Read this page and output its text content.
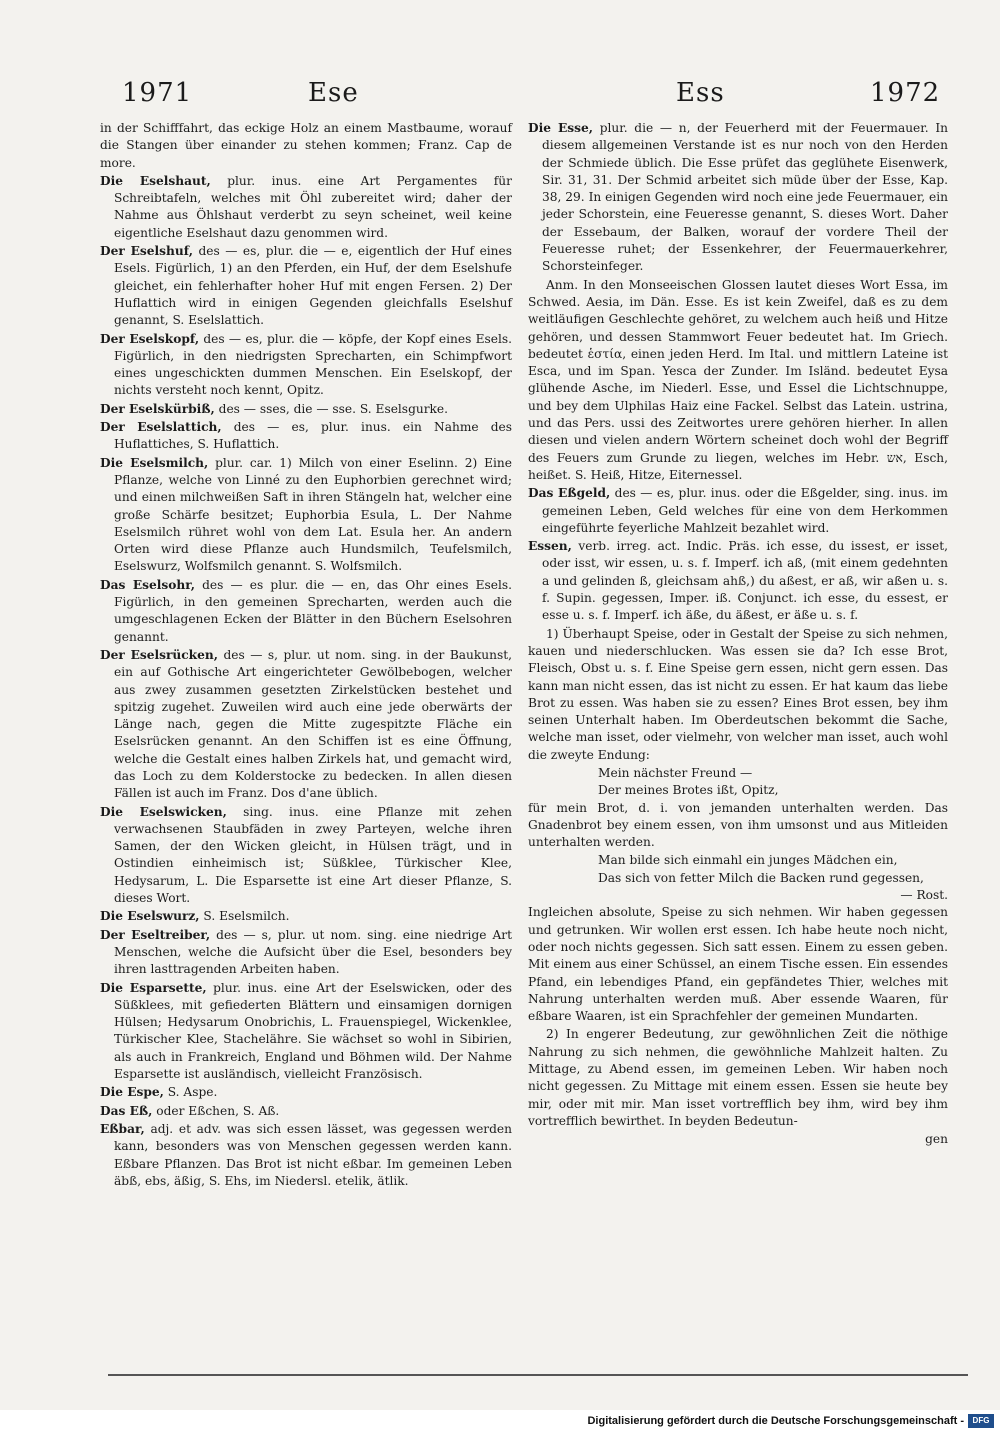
1971	Ese	Ess	1972

in der Schifffahrt, das eckige Holz an einem Mastbaume, worauf die Stangen über einander zu stehen kommen; Franz. Cap de more.

Die Eselshaut, plur. inus. eine Art Pergamentes für Schreibtafeln, welches mit Öhl zubereitet wird; daher der Nahme aus Öhlshaut verderbt zu seyn scheinet, weil keine eigentliche Eselshaut dazu genommen wird.

Der Eselshuf, des — es, plur. die — e, eigentlich der Huf eines Esels. Figürlich, 1) an den Pferden, ein Huf, der dem Eselshufe gleichet, ein fehlerhafter hoher Huf mit engen Fersen. 2) Der Huflattich wird in einigen Gegenden gleichfalls Eselshuf genannt, S. Eselslattich.

Der Eselskopf, des — es, plur. die — köpfe, der Kopf eines Esels. Figürlich, in den niedrigsten Sprecharten, ein Schimpfwort eines ungeschickten dummen Menschen. Ein Eselskopf, der nichts versteht noch kennt, Opitz.

Der Eselskürbiß, des — sses, die — sse. S. Eselsgurke.

Der Eselslattich, des — es, plur. inus. ein Nahme des Huflattiches, S. Huflattich.

Die Eselsmilch, plur. car. 1) Milch von einer Eselinn. 2) Eine Pflanze, welche von Linné zu den Euphorbien gerechnet wird; und einen milchweißen Saft in ihren Stängeln hat, welcher eine große Schärfe besitzet; Euphorbia Esula, L. Der Nahme Eselsmilch rühret wohl von dem Lat. Esula her. An andern Orten wird diese Pflanze auch Hundsmilch, Teufelsmilch, Eselswurz, Wolfsmilch genannt. S. Wolfsmilch.

Das Eselsohr, des — es plur. die — en, das Ohr eines Esels. Figürlich, in den gemeinen Sprecharten, werden auch die umgeschlagenen Ecken der Blätter in den Büchern Eselsohren genannt.

Der Eselsrücken, des — s, plur. ut nom. sing. in der Baukunst, ein auf Gothische Art eingerichteter Gewölbebogen, welcher aus zwey zusammen gesetzten Zirkelstücken bestehet und spitzig zugehet. Zuweilen wird auch eine jede oberwärts der Länge nach, gegen die Mitte zugespitzte Fläche ein Eselsrücken genannt. An den Schiffen ist es eine Öffnung, welche die Gestalt eines halben Zirkels hat, und gemacht wird, das Loch zu dem Kolderstocke zu bedecken. In allen diesen Fällen ist auch im Franz. Dos d'ane üblich.

Die Eselswicken, sing. inus. eine Pflanze mit zehen verwachsenen Staubfäden in zwey Parteyen, welche ihren Samen, der den Wicken gleicht, in Hülsen trägt, und in Ostindien einheimisch ist; Süßklee, Türkischer Klee, Hedysarum, L. Die Esparsette ist eine Art dieser Pflanze, S. dieses Wort.

Die Eselswurz, S. Eselsmilch.

Der Eseltreiber, des — s, plur. ut nom. sing. eine niedrige Art Menschen, welche die Aufsicht über die Esel, besonders bey ihren lasttragenden Arbeiten haben.

Die Esparsette, plur. inus. eine Art der Eselswicken, oder des Süßklees, mit gefiederten Blättern und einsamigen dornigen Hülsen; Hedysarum Onobrichis, L. Frauenspiegel, Wickenklee, Türkischer Klee, Stachelähre. Sie wächset so wohl in Sibirien, als auch in Frankreich, England und Böhmen wild. Der Nahme Esparsette ist ausländisch, vielleicht Französisch.

Die Espe, S. Aspe.

Das Eß, oder Eßchen, S. Aß.

Eßbar, adj. et adv. was sich essen lässet, was gegessen werden kann, besonders was von Menschen gegessen werden kann. Eßbare Pflanzen. Das Brot ist nicht eßbar. Im gemeinen Leben äbß, ebs, äßig, S. Ehs, im Niedersl. etelik, ätlik.

Die Esse, plur. die — n, der Feuerherd mit der Feuermauer. In diesem allgemeinen Verstande ist es nur noch von den Herden der Schmiede üblich. Die Esse prüfet das geglühete Eisenwerk, Sir. 31, 31. Der Schmid arbeitet sich müde über der Esse, Kap. 38, 29. In einigen Gegenden wird noch eine jede Feuermauer, ein jeder Schorstein, eine Feueresse genannt, S. dieses Wort. Daher der Essebaum, der Balken, worauf der vordere Theil der Feueresse ruhet; der Essenkehrer, der Feuermauerkehrer, Schorsteinfeger.

Anm. In den Monseeischen Glossen lautet dieses Wort Essa, im Schwed. Aesia, im Dän. Esse. Es ist kein Zweifel, daß es zu dem weitläufigen Geschlechte gehöret, zu welchem auch heiß und Hitze gehören, und dessen Stammwort Feuer bedeutet hat. Im Griech. bedeutet ἑστία, einen jeden Herd. Im Ital. und mittlern Lateine ist Esca, und im Span. Yesca der Zunder. Im Isländ. bedeutet Eysa glühende Asche, im Niederl. Esse, und Essel die Lichtschnuppe, und bey dem Ulphilas Haiz eine Fackel. Selbst das Latein. ustrina, und das Pers. ussi des Zeitwortes urere gehören hierher. In allen diesen und vielen andern Wörtern scheinet doch wohl der Begriff des Feuers zum Grunde zu liegen, welches im Hebr. אש, Esch, heißet. S. Heiß, Hitze, Eiternessel.

Das Eßgeld, des — es, plur. inus. oder die Eßgelder, sing. inus. im gemeinen Leben, Geld welches für eine von dem Herkommen eingeführte feyerliche Mahlzeit bezahlet wird.

Essen, verb. irreg. act. Indic. Präs. ich esse, du issest, er isset, oder isst, wir essen, u. s. f. Imperf. ich aß, (mit einem gedehnten a und gelinden ß, gleichsam ahß,) du aßest, er aß, wir aßen u. s. f. Supin. gegessen, Imper. iß. Conjunct. ich esse, du essest, er esse u. s. f. Imperf. ich äße, du äßest, er äße u. s. f.

1) Überhaupt Speise, oder in Gestalt der Speise zu sich nehmen, kauen und niederschlucken. Was essen sie da? Ich esse Brot, Fleisch, Obst u. s. f. Eine Speise gern essen, nicht gern essen. Das kann man nicht essen, das ist nicht zu essen. Er hat kaum das liebe Brot zu essen. Was haben sie zu essen? Eines Brot essen, bey ihm seinen Unterhalt haben. Im Oberdeutschen bekommt die Sache, welche man isset, oder vielmehr, von welcher man isset, auch wohl die zweyte Endung:

Mein nächster Freund —

Der meines Brotes ißt, Opitz,

für mein Brot, d. i. von jemanden unterhalten werden. Das Gnadenbrot bey einem essen, von ihm umsonst und aus Mitleiden unterhalten werden.

Man bilde sich einmahl ein junges Mädchen ein,

Das sich von fetter Milch die Backen rund gegessen,

— Rost.

Ingleichen absolute, Speise zu sich nehmen. Wir haben gegessen und getrunken. Wir wollen erst essen. Ich habe heute noch nicht, oder noch nichts gegessen. Sich satt essen. Einem zu essen geben. Mit einem aus einer Schüssel, an einem Tische essen. Ein essendes Pfand, ein lebendiges Pfand, ein gepfändetes Thier, welches mit Nahrung unterhalten werden muß. Aber essende Waaren, für eßbare Waaren, ist ein Sprachfehler der gemeinen Mundarten.

2) In engerer Bedeutung, zur gewöhnlichen Zeit die nöthige Nahrung zu sich nehmen, die gewöhnliche Mahlzeit halten. Zu Mittage, zu Abend essen, im gemeinen Leben. Wir haben noch nicht gegessen. Zu Mittage mit einem essen. Essen sie heute bey mir, oder mit mir. Man isset vortrefflich bey ihm, wird bey ihm vortrefflich bewirthet. In beyden Bedeutun-

gen

Digitalisierung gefördert durch die Deutsche Forschungsgemeinschaft -	DFG
